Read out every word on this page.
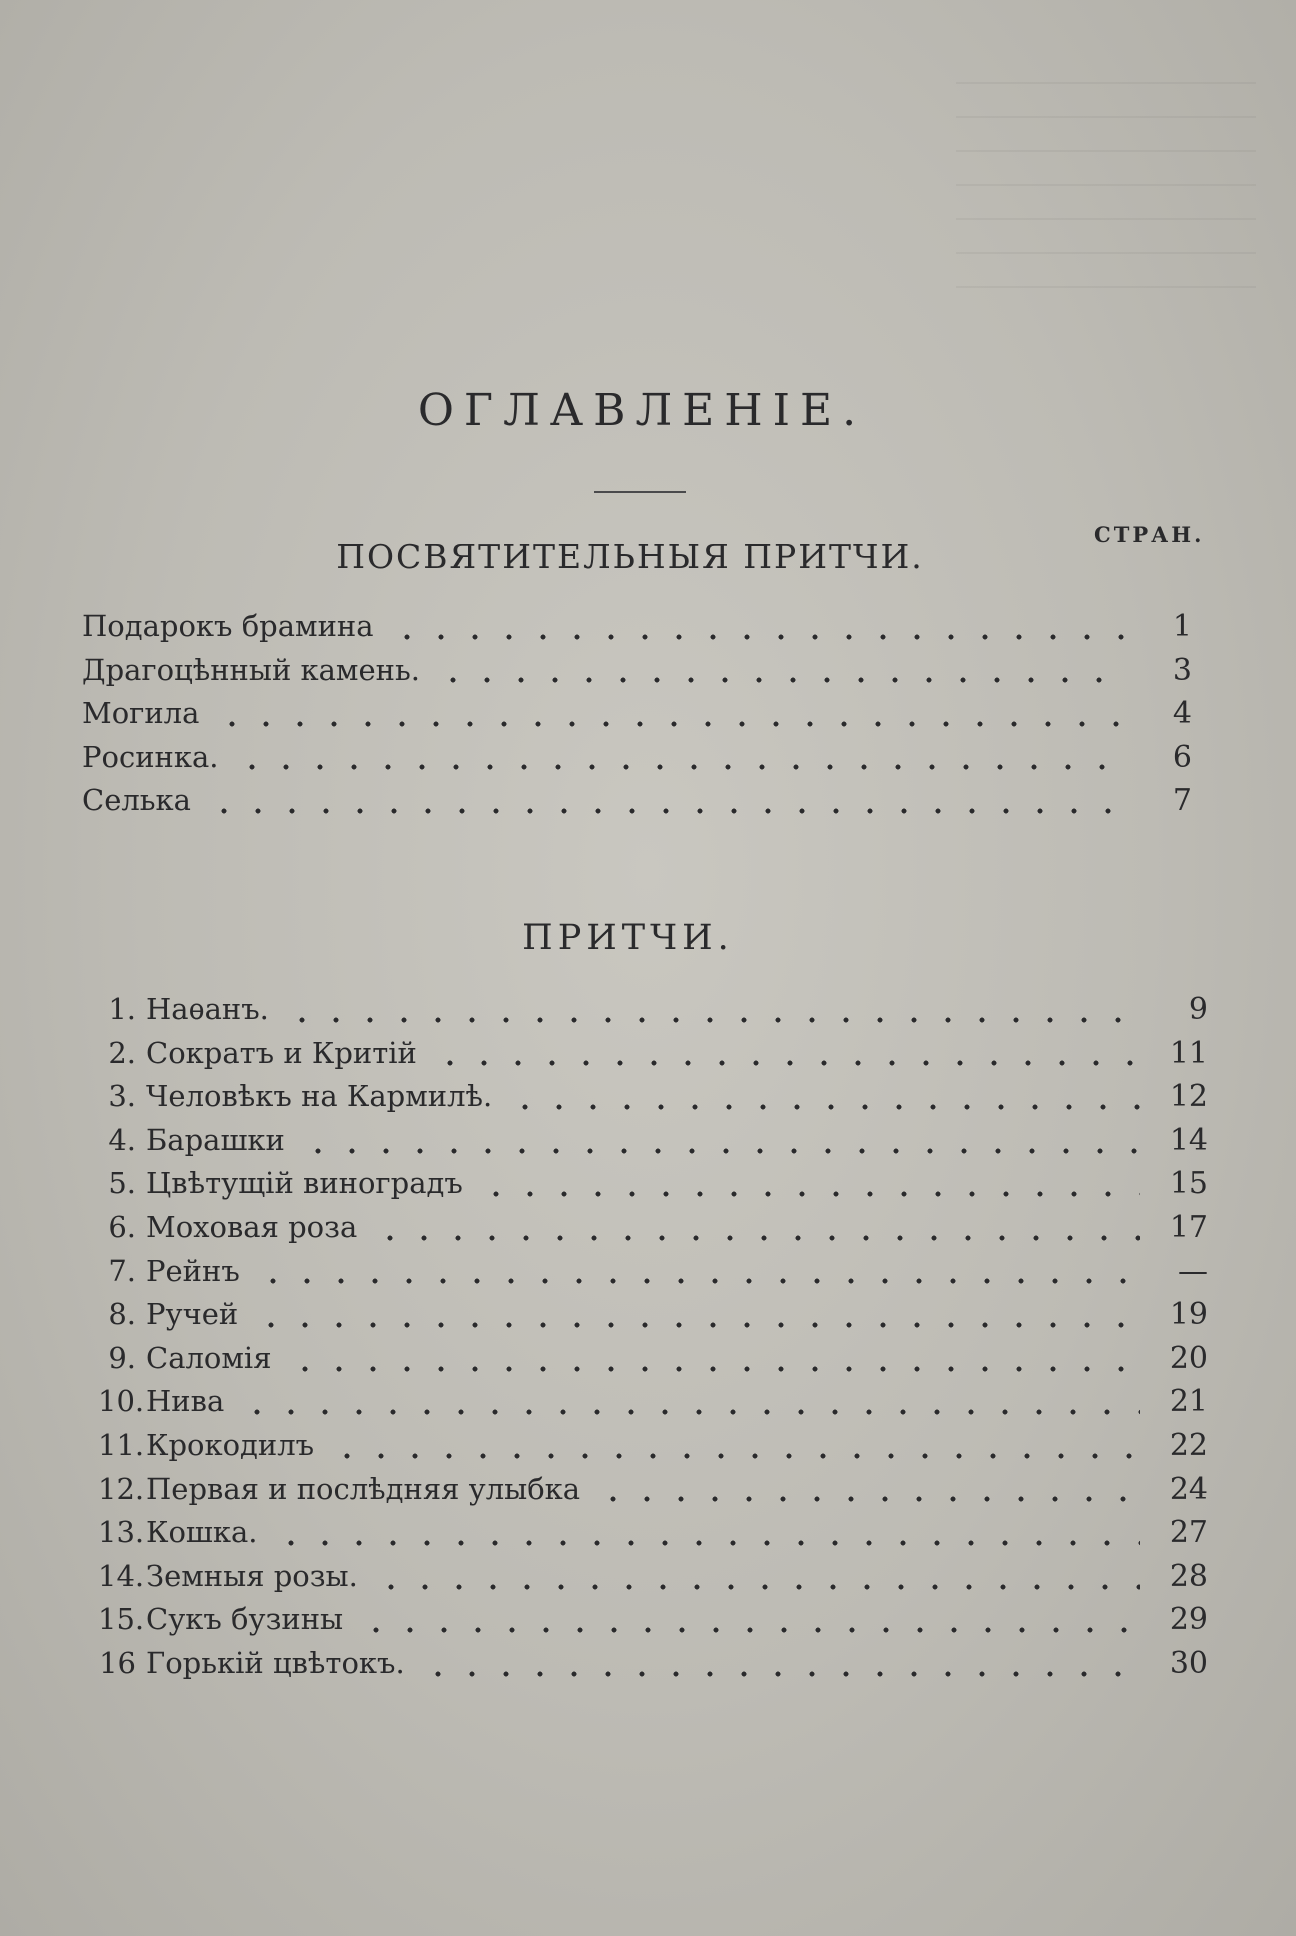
ОГЛАВЛЕНІЕ.
СТРАН.
ПОСВЯТИТЕЛЬНЫЯ ПРИТЧИ.
Подарокъ брамина	1
Драгоцѣнный камень.	3
Могила	4
Росинка.	6
Селька	7
ПРИТЧИ.
1. Наѳанъ.	9
2. Сократъ и Критій	11
3. Человѣкъ на Кармилѣ.	12
4. Барашки	14
5. Цвѣтущій виноградъ	15
6. Моховая роза	17
7. Рейнъ	—
8. Ручей	19
9. Саломія	20
10. Нива	21
11. Крокодилъ	22
12. Первая и послѣдняя улыбка	24
13. Кошка.	27
14. Земныя розы.	28
15. Сукъ бузины	29
16 Горькій цвѣтокъ.	30
